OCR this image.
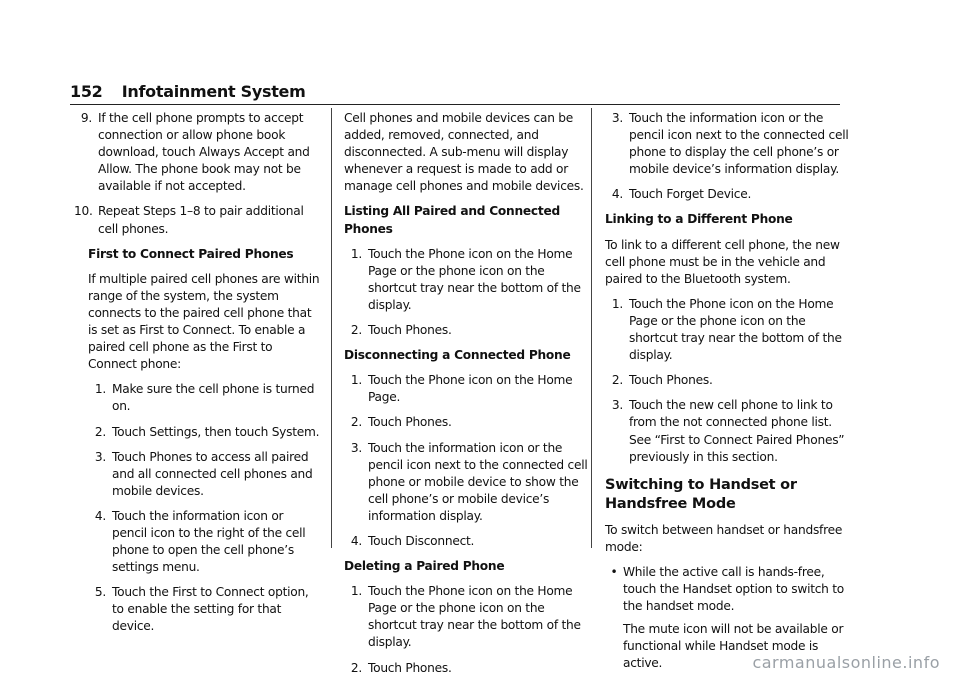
152 Infotainment System
9. If the cell phone prompts to accept connection or allow phone book download, touch Always Accept and Allow. The phone book may not be available if not accepted.
10. Repeat Steps 1–8 to pair additional cell phones.
First to Connect Paired Phones
If multiple paired cell phones are within range of the system, the system connects to the paired cell phone that is set as First to Connect. To enable a paired cell phone as the First to Connect phone:
1. Make sure the cell phone is turned on.
2. Touch Settings, then touch System.
3. Touch Phones to access all paired and all connected cell phones and mobile devices.
4. Touch the information icon or pencil icon to the right of the cell phone to open the cell phone’s settings menu.
5. Touch the First to Connect option, to enable the setting for that device.
Cell phones and mobile devices can be added, removed, connected, and disconnected. A sub-menu will display whenever a request is made to add or manage cell phones and mobile devices.
Listing All Paired and Connected Phones
1. Touch the Phone icon on the Home Page or the phone icon on the shortcut tray near the bottom of the display.
2. Touch Phones.
Disconnecting a Connected Phone
1. Touch the Phone icon on the Home Page.
2. Touch Phones.
3. Touch the information icon or the pencil icon next to the connected cell phone or mobile device to show the cell phone’s or mobile device’s information display.
4. Touch Disconnect.
Deleting a Paired Phone
1. Touch the Phone icon on the Home Page or the phone icon on the shortcut tray near the bottom of the display.
2. Touch Phones.
3. Touch the information icon or the pencil icon next to the connected cell phone to display the cell phone’s or mobile device’s information display.
4. Touch Forget Device.
Linking to a Different Phone
To link to a different cell phone, the new cell phone must be in the vehicle and paired to the Bluetooth system.
1. Touch the Phone icon on the Home Page or the phone icon on the shortcut tray near the bottom of the display.
2. Touch Phones.
3. Touch the new cell phone to link to from the not connected phone list. See “First to Connect Paired Phones” previously in this section.
Switching to Handset or Handsfree Mode
To switch between handset or handsfree mode:
• While the active call is hands-free, touch the Handset option to switch to the handset mode.
The mute icon will not be available or functional while Handset mode is active.	carmanualsonline.info
